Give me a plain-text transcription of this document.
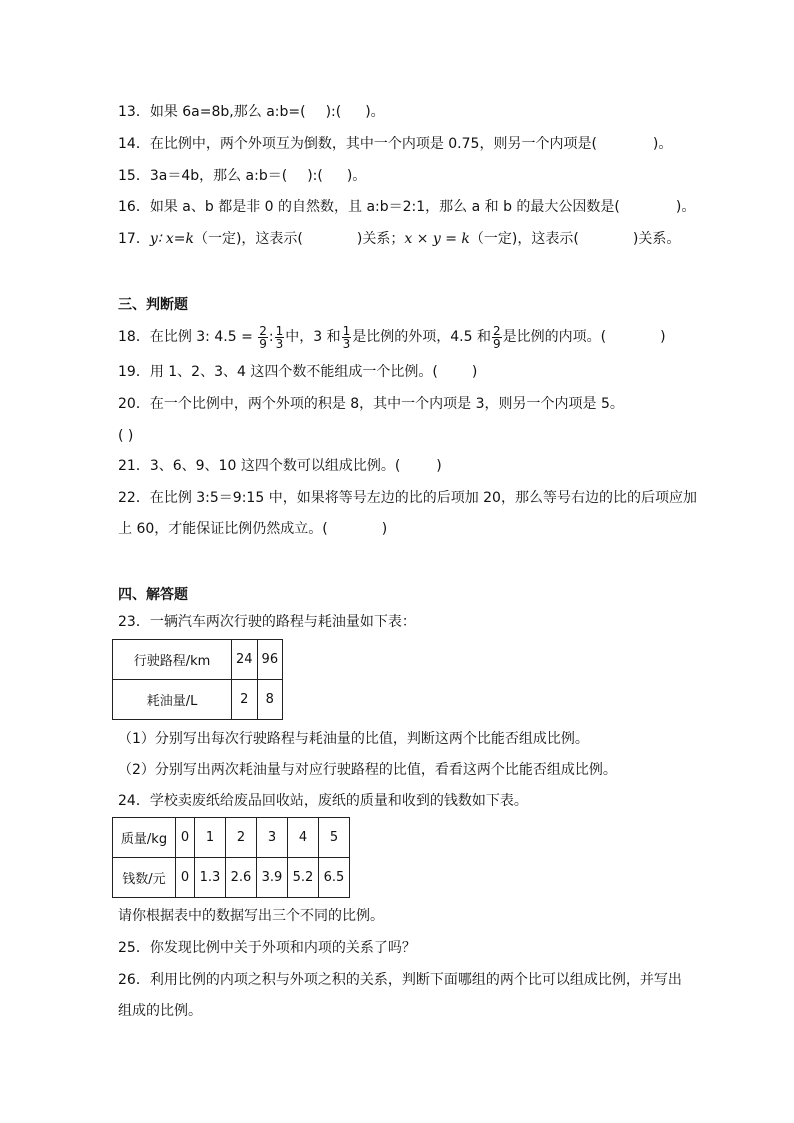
13．如果 6a=8b,那么 a:b=( ):( )。
14．在比例中，两个外项互为倒数，其中一个内项是 0.75，则另一个内项是(	)。
15．3a＝4b，那么 a:b＝( ):( )。
16．如果 a、b 都是非 0 的自然数，且 a:b＝2:1，那么 a 和 b 的最大公因数是(	)。
17．y∶ x=k（一定)，这表示(	)关系；x × y = k（一定)，这表示(	)关系。
三、判断题
18．在比例 3: $4.5 = \frac{2}{9}$ : $\frac{1}{3}$ 中，3 和 $\frac{1}{3}$ 是比例的外项，4.5 和 $\frac{2}{9}$ 是比例的内项。(	)
19．用 1、2、3、4 这四个数不能组成一个比例。( )
20．在一个比例中，两个外项的积是 8，其中一个内项是 3，则另一个内项是 5。
( )
21．3、6、9、10 这四个数可以组成比例。(	)
22．在比例 3:5＝9:15 中，如果将等号左边的比的后项加 20，那么等号右边的比的后项应加
上 60，才能保证比例仍然成立。(	)
四、解答题
23．一辆汽车两次行驶的路程与耗油量如下表：
行驶路程/km	24	96
耗油量/L	2	8
（1）分别写出每次行驶路程与耗油量的比值，判断这两个比能否组成比例。
（2）分别写出两次耗油量与对应行驶路程的比值，看看这两个比能否组成比例。
24．学校卖废纸给废品回收站，废纸的质量和收到的钱数如下表。
质量/kg	0	1	2	3	4	5
钱数/元	0	1.3	2.6	3.9	5.2	6.5
请你根据表中的数据写出三个不同的比例。
25．你发现比例中关于外项和内项的关系了吗？
26．利用比例的内项之积与外项之积的关系，判断下面哪组的两个比可以组成比例，并写出
组成的比例。
